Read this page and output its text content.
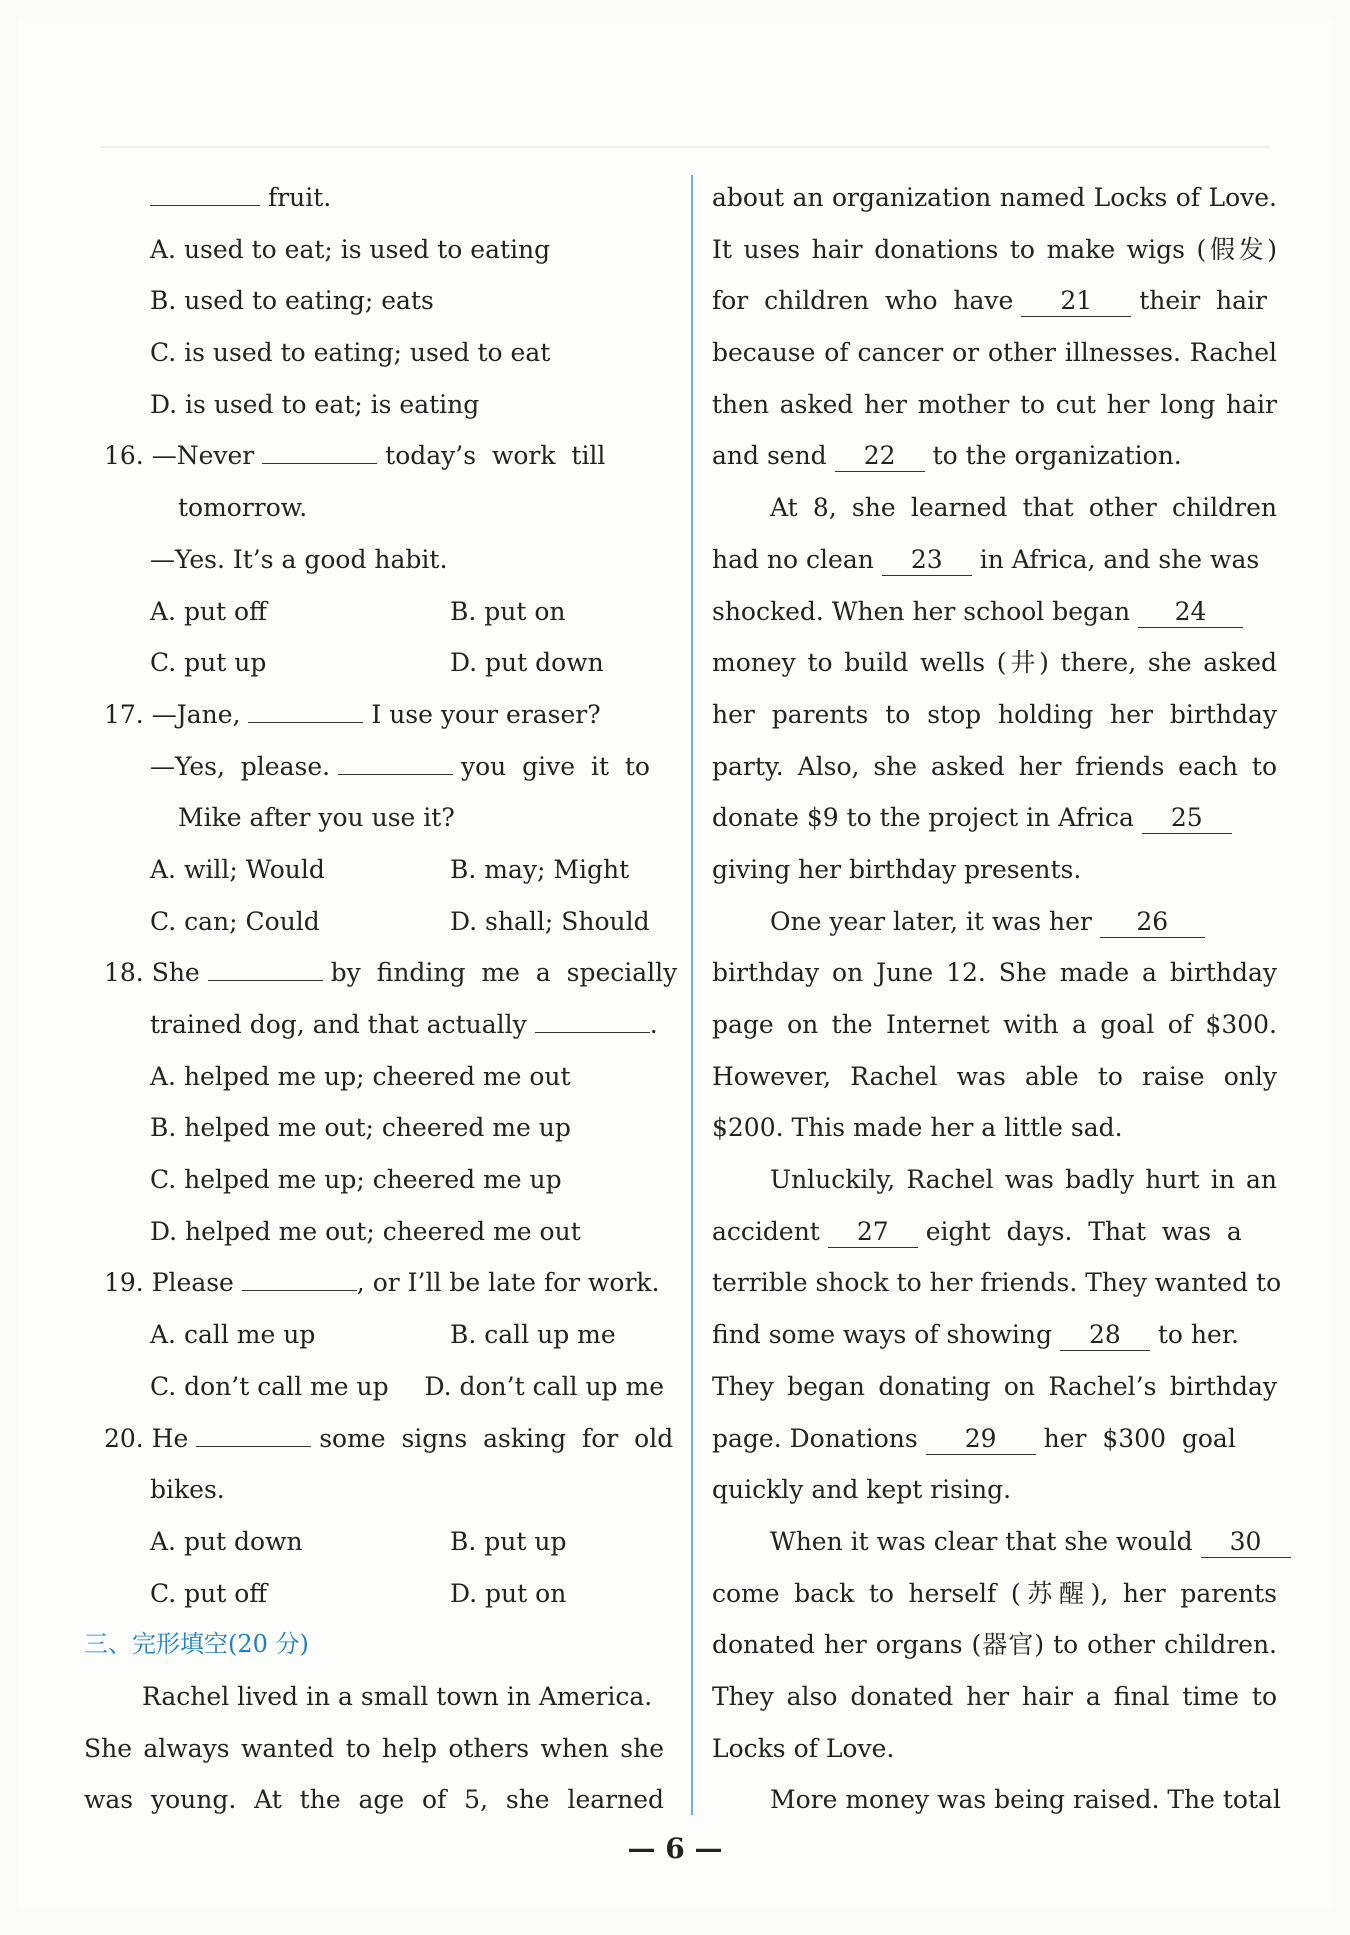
fruit.
A. used to eat; is used to eating
B. used to eating; eats
C. is used to eating; used to eat
D. is used to eat; is eating
16. —Never	today’s  work  till
tomorrow.
—Yes. It’s a good habit.
A. put off	B. put on
C. put up	D. put down
17. —Jane,	I use your eraser?
—Yes,  please.	you  give  it  to
Mike after you use it?
A. will; Would	B. may; Might
C. can; Could	D. shall; Should
18. She	by  finding  me  a  specially
trained dog, and that actually	.
A. helped me up; cheered me out
B. helped me out; cheered me up
C. helped me up; cheered me up
D. helped me out; cheered me out
19. Please	, or I’ll be late for work.
A. call me up	B. call up me
C. don’t call me up	D. don’t call up me
20. He	some  signs  asking  for  old
bikes.
A. put down	B. put up
C. put off	D. put on
三、完形填空(20 分)
Rachel lived in a small town in America.
She always wanted to help others when she
was young. At the age of 5, she learned
about an organization named Locks of Love.
It uses hair donations to make wigs (假发)
for  children  who  have 21 their  hair
because of cancer or other illnesses. Rachel
then asked her mother to cut her long hair
and send 22 to the organization.
At 8, she learned that other children
had no clean 23 in Africa, and she was
shocked. When her school began 24
money to build wells (井) there, she asked
her parents to stop holding her birthday
party. Also, she asked her friends each to
donate $9 to the project in Africa 25
giving her birthday presents.
One year later, it was her 26
birthday on June 12. She made a birthday
page on the Internet with a goal of $300.
However, Rachel was able to raise only
$200. This made her a little sad.
Unluckily, Rachel was badly hurt in an
accident 27 eight  days.  That  was  a
terrible shock to her friends. They wanted to
find some ways of showing 28 to her.
They began donating on Rachel’s birthday
page. Donations 29 her  $300  goal
quickly and kept rising.
When it was clear that she would 30
come back to herself (苏醒), her parents
donated her organs (器官) to other children.
They also donated her hair a final time to
Locks of Love.
More money was being raised. The total
— 6 —
